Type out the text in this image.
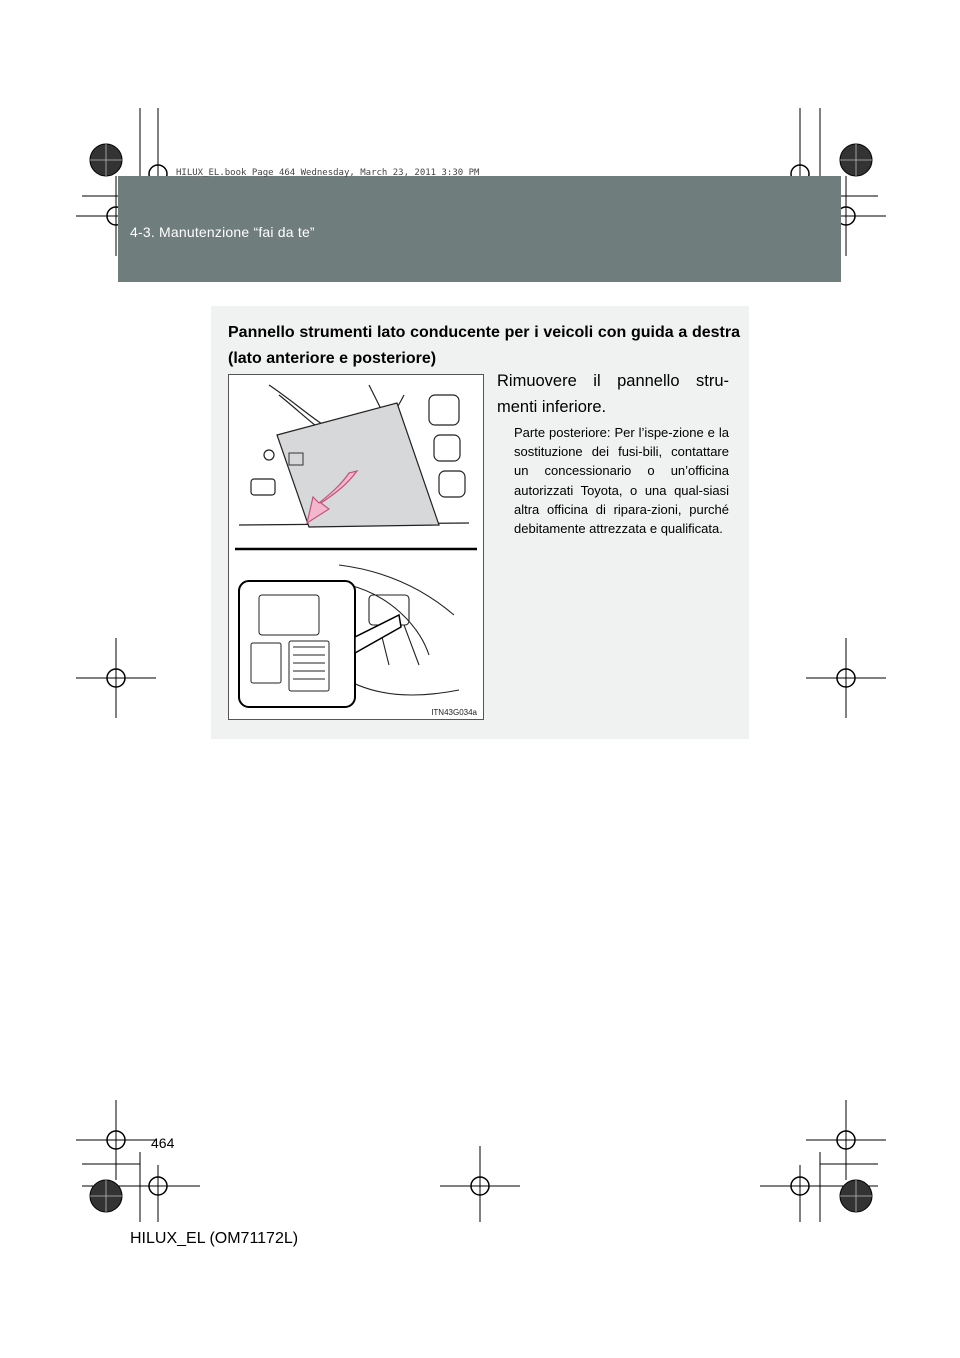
HILUX_EL.book Page 464 Wednesday, March 23, 2011 3:30 PM
4-3. Manutenzione “fai da te”
Pannello strumenti lato conducente per i veicoli con guida a destra (lato anteriore e posteriore)
ITN43G034a
Rimuovere il pannello stru-menti inferiore.
Parte posteriore: Per l’ispe-zione e la sostituzione dei fusi-bili, contattare un concessionario o un’officina autorizzati Toyota, o una qual-siasi altra officina di ripara-zioni, purché debitamente attrezzata e qualificata.
464
HILUX_EL (OM71172L)
